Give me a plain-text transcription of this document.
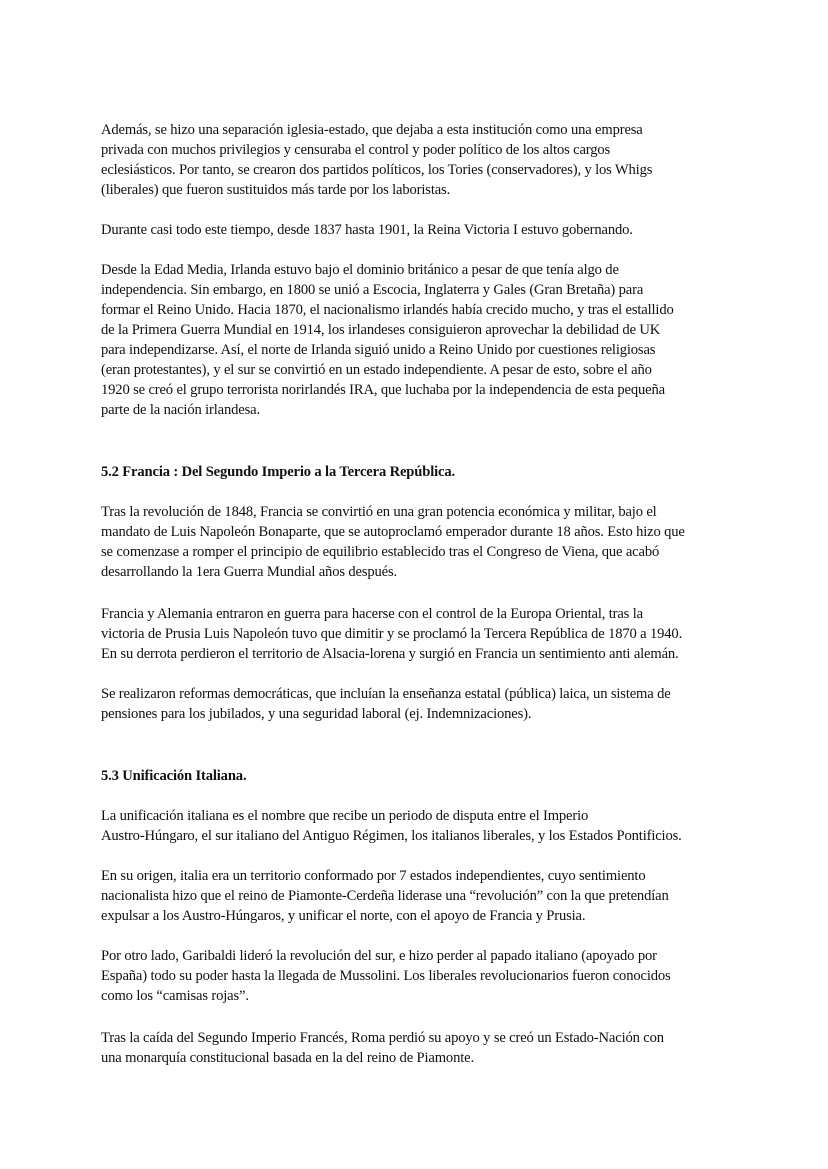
Además, se hizo una separación iglesia-estado, que dejaba a esta institución como una empresa
privada con muchos privilegios y censuraba el control y poder político de los altos cargos
eclesiásticos. Por tanto, se crearon dos partidos políticos, los Tories (conservadores), y los Whigs
(liberales) que fueron sustituidos más tarde por los laboristas.
Durante casi todo este tiempo, desde 1837 hasta 1901, la Reina Victoria I estuvo gobernando.
Desde la Edad Media, Irlanda estuvo bajo el dominio británico a pesar de que tenía algo de
independencia. Sin embargo, en 1800 se unió a Escocia, Inglaterra y Gales (Gran Bretaña) para
formar el Reino Unido. Hacia 1870, el nacionalismo irlandés había crecido mucho, y tras el estallido
de la Primera Guerra Mundial en 1914, los irlandeses consiguieron aprovechar la debilidad de UK
para independizarse. Así, el norte de Irlanda siguió unido a Reino Unido por cuestiones religiosas
(eran protestantes), y el sur se convirtió en un estado independiente. A pesar de esto, sobre el año
1920 se creó el grupo terrorista norirlandés IRA, que luchaba por la independencia de esta pequeña
parte de la nación irlandesa.
5.2 Francia : Del Segundo Imperio a la Tercera República.
Tras la revolución de 1848, Francia se convirtió en una gran potencia económica y militar, bajo el
mandato de Luis Napoleón Bonaparte, que se autoproclamó emperador durante 18 años. Esto hizo que
se comenzase a romper el principio de equilibrio establecido tras el Congreso de Viena, que acabó
desarrollando la 1era Guerra Mundial años después.
Francia y Alemania entraron en guerra para hacerse con el control de la Europa Oriental, tras la
victoria de Prusia Luis Napoleón tuvo que dimitir y se proclamó la Tercera República de 1870 a 1940.
En su derrota perdieron el territorio de Alsacia-lorena y surgió en Francia un sentimiento anti alemán.
Se realizaron reformas democráticas, que incluían la enseñanza estatal (pública) laica, un sistema de
pensiones para los jubilados, y una seguridad laboral (ej. Indemnizaciones).
5.3 Unificación Italiana.
La unificación italiana es el nombre que recibe un periodo de disputa entre el Imperio
Austro-Húngaro, el sur italiano del Antiguo Régimen, los italianos liberales, y los Estados Pontificios.
En su origen, italia era un territorio conformado por 7 estados independientes, cuyo sentimiento
nacionalista hizo que el reino de Piamonte-Cerdeña liderase una “revolución” con la que pretendían
expulsar a los Austro-Húngaros, y unificar el norte, con el apoyo de Francia y Prusia.
Por otro lado, Garibaldi lideró la revolución del sur, e hizo perder al papado italiano (apoyado por
España) todo su poder hasta la llegada de Mussolini. Los liberales revolucionarios fueron conocidos
como los “camisas rojas”.
Tras la caída del Segundo Imperio Francés, Roma perdió su apoyo y se creó un Estado-Nación con
una monarquía constitucional basada en la del reino de Piamonte.
